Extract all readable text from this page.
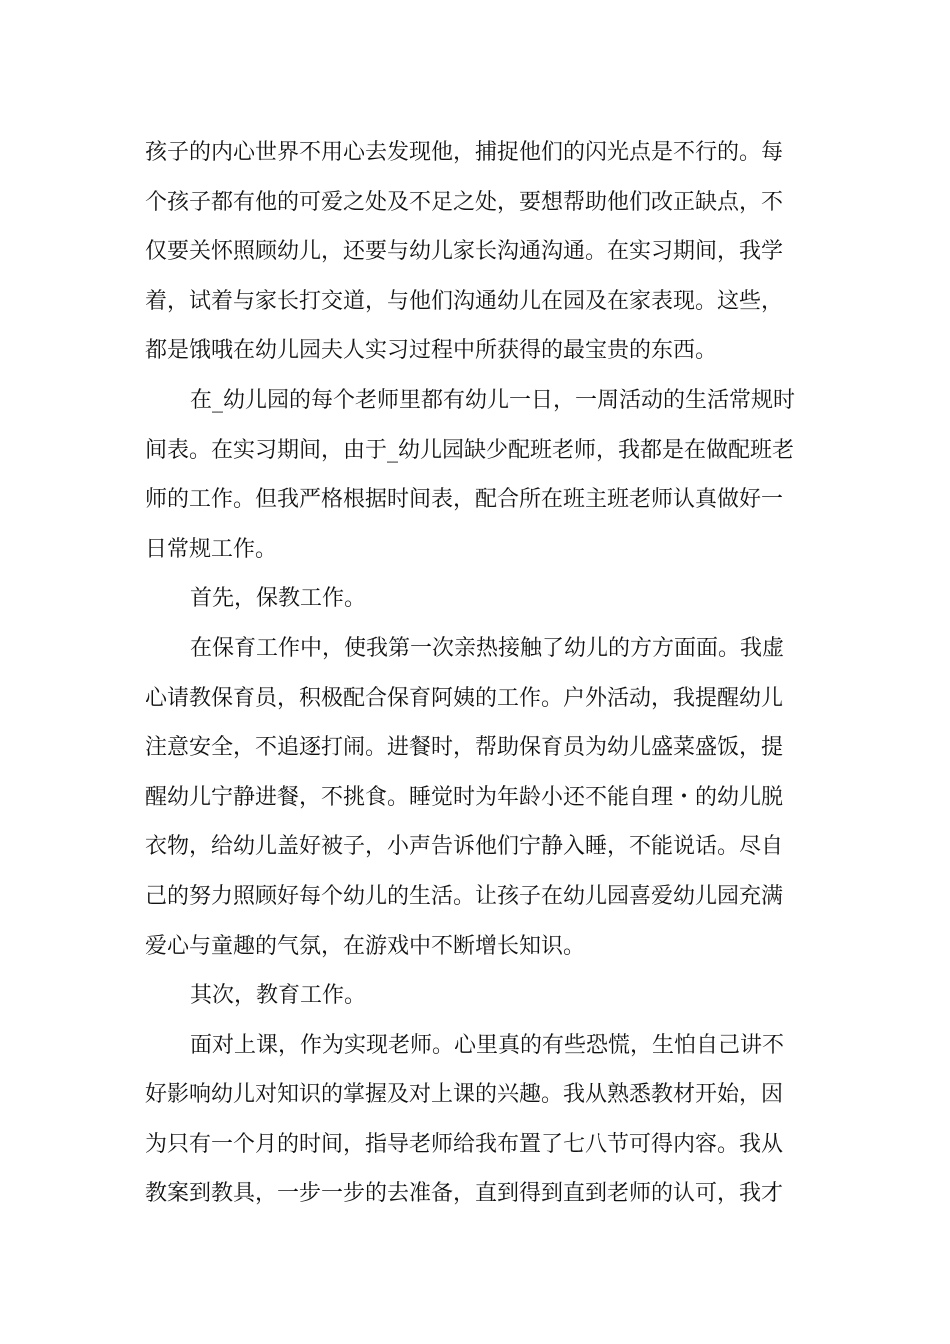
孩子的内心世界不用心去发现他，捕捉他们的闪光点是不行的。每
个孩子都有他的可爱之处及不足之处，要想帮助他们改正缺点，不
仅要关怀照顾幼儿，还要与幼儿家长沟通沟通。在实习期间，我学
着，试着与家长打交道，与他们沟通幼儿在园及在家表现。这些，
都是饿哦在幼儿园夫人实习过程中所获得的最宝贵的东西。
在_幼儿园的每个老师里都有幼儿一日，一周活动的生活常规时
间表。在实习期间，由于_幼儿园缺少配班老师，我都是在做配班老
师的工作。但我严格根据时间表，配合所在班主班老师认真做好一
日常规工作。
首先，保教工作。
在保育工作中，使我第一次亲热接触了幼儿的方方面面。我虚
心请教保育员，积极配合保育阿姨的工作。户外活动，我提醒幼儿
注意安全，不追逐打闹。进餐时，帮助保育员为幼儿盛菜盛饭，提
醒幼儿宁静进餐，不挑食。睡觉时为年龄小还不能自理・的幼儿脱
衣物，给幼儿盖好被子，小声告诉他们宁静入睡，不能说话。尽自
己的努力照顾好每个幼儿的生活。让孩子在幼儿园喜爱幼儿园充满
爱心与童趣的气氛，在游戏中不断增长知识。
其次，教育工作。
面对上课，作为实现老师。心里真的有些恐慌，生怕自己讲不
好影响幼儿对知识的掌握及对上课的兴趣。我从熟悉教材开始，因
为只有一个月的时间，指导老师给我布置了七八节可得内容。我从
教案到教具，一步一步的去准备，直到得到直到老师的认可，我才
